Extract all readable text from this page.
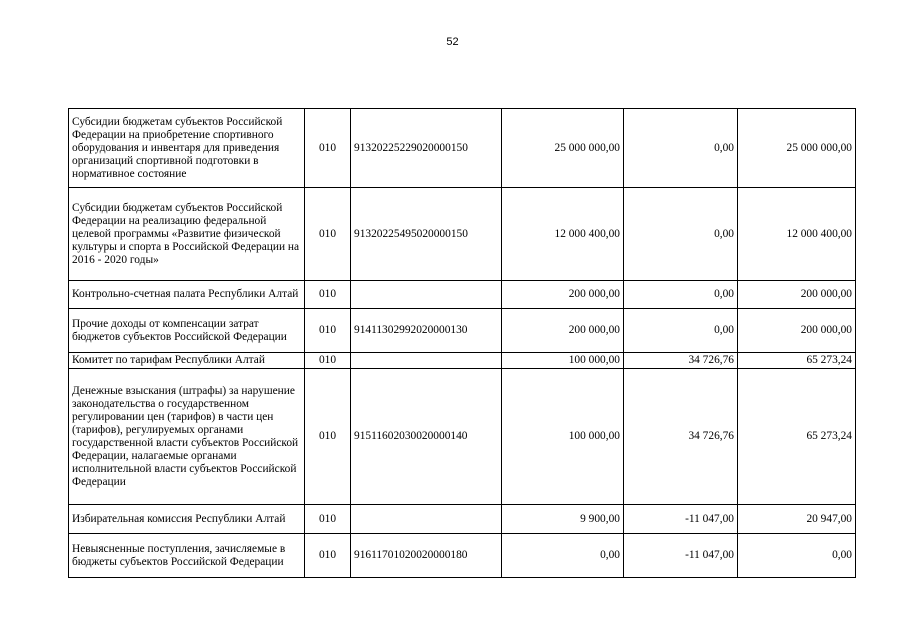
52
Субсидии бюджетам субъектов Российской Федерации на приобретение спортивного оборудования и инвентаря для приведения организаций спортивной подготовки в нормативное состояние	010	91320225229020000150	25 000 000,00	0,00	25 000 000,00
Субсидии бюджетам субъектов Российской Федерации на реализацию федеральной целевой программы «Развитие физической культуры и спорта в Российской Федерации на 2016 - 2020 годы»	010	91320225495020000150	12 000 400,00	0,00	12 000 400,00
Контрольно-счетная палата Республики Алтай	010		200 000,00	0,00	200 000,00
Прочие доходы от компенсации затрат бюджетов субъектов Российской Федерации	010	91411302992020000130	200 000,00	0,00	200 000,00
Комитет по тарифам Республики Алтай	010		100 000,00	34 726,76	65 273,24
Денежные взыскания (штрафы) за нарушение законодательства о государственном регулировании цен (тарифов) в части цен (тарифов), регулируемых органами государственной власти субъектов Российской Федерации, налагаемые органами исполнительной власти субъектов Российской Федерации	010	91511602030020000140	100 000,00	34 726,76	65 273,24
Избирательная комиссия Республики Алтай	010		9 900,00	-11 047,00	20 947,00
Невыясненные поступления, зачисляемые в бюджеты субъектов Российской Федерации	010	91611701020020000180	0,00	-11 047,00	0,00
